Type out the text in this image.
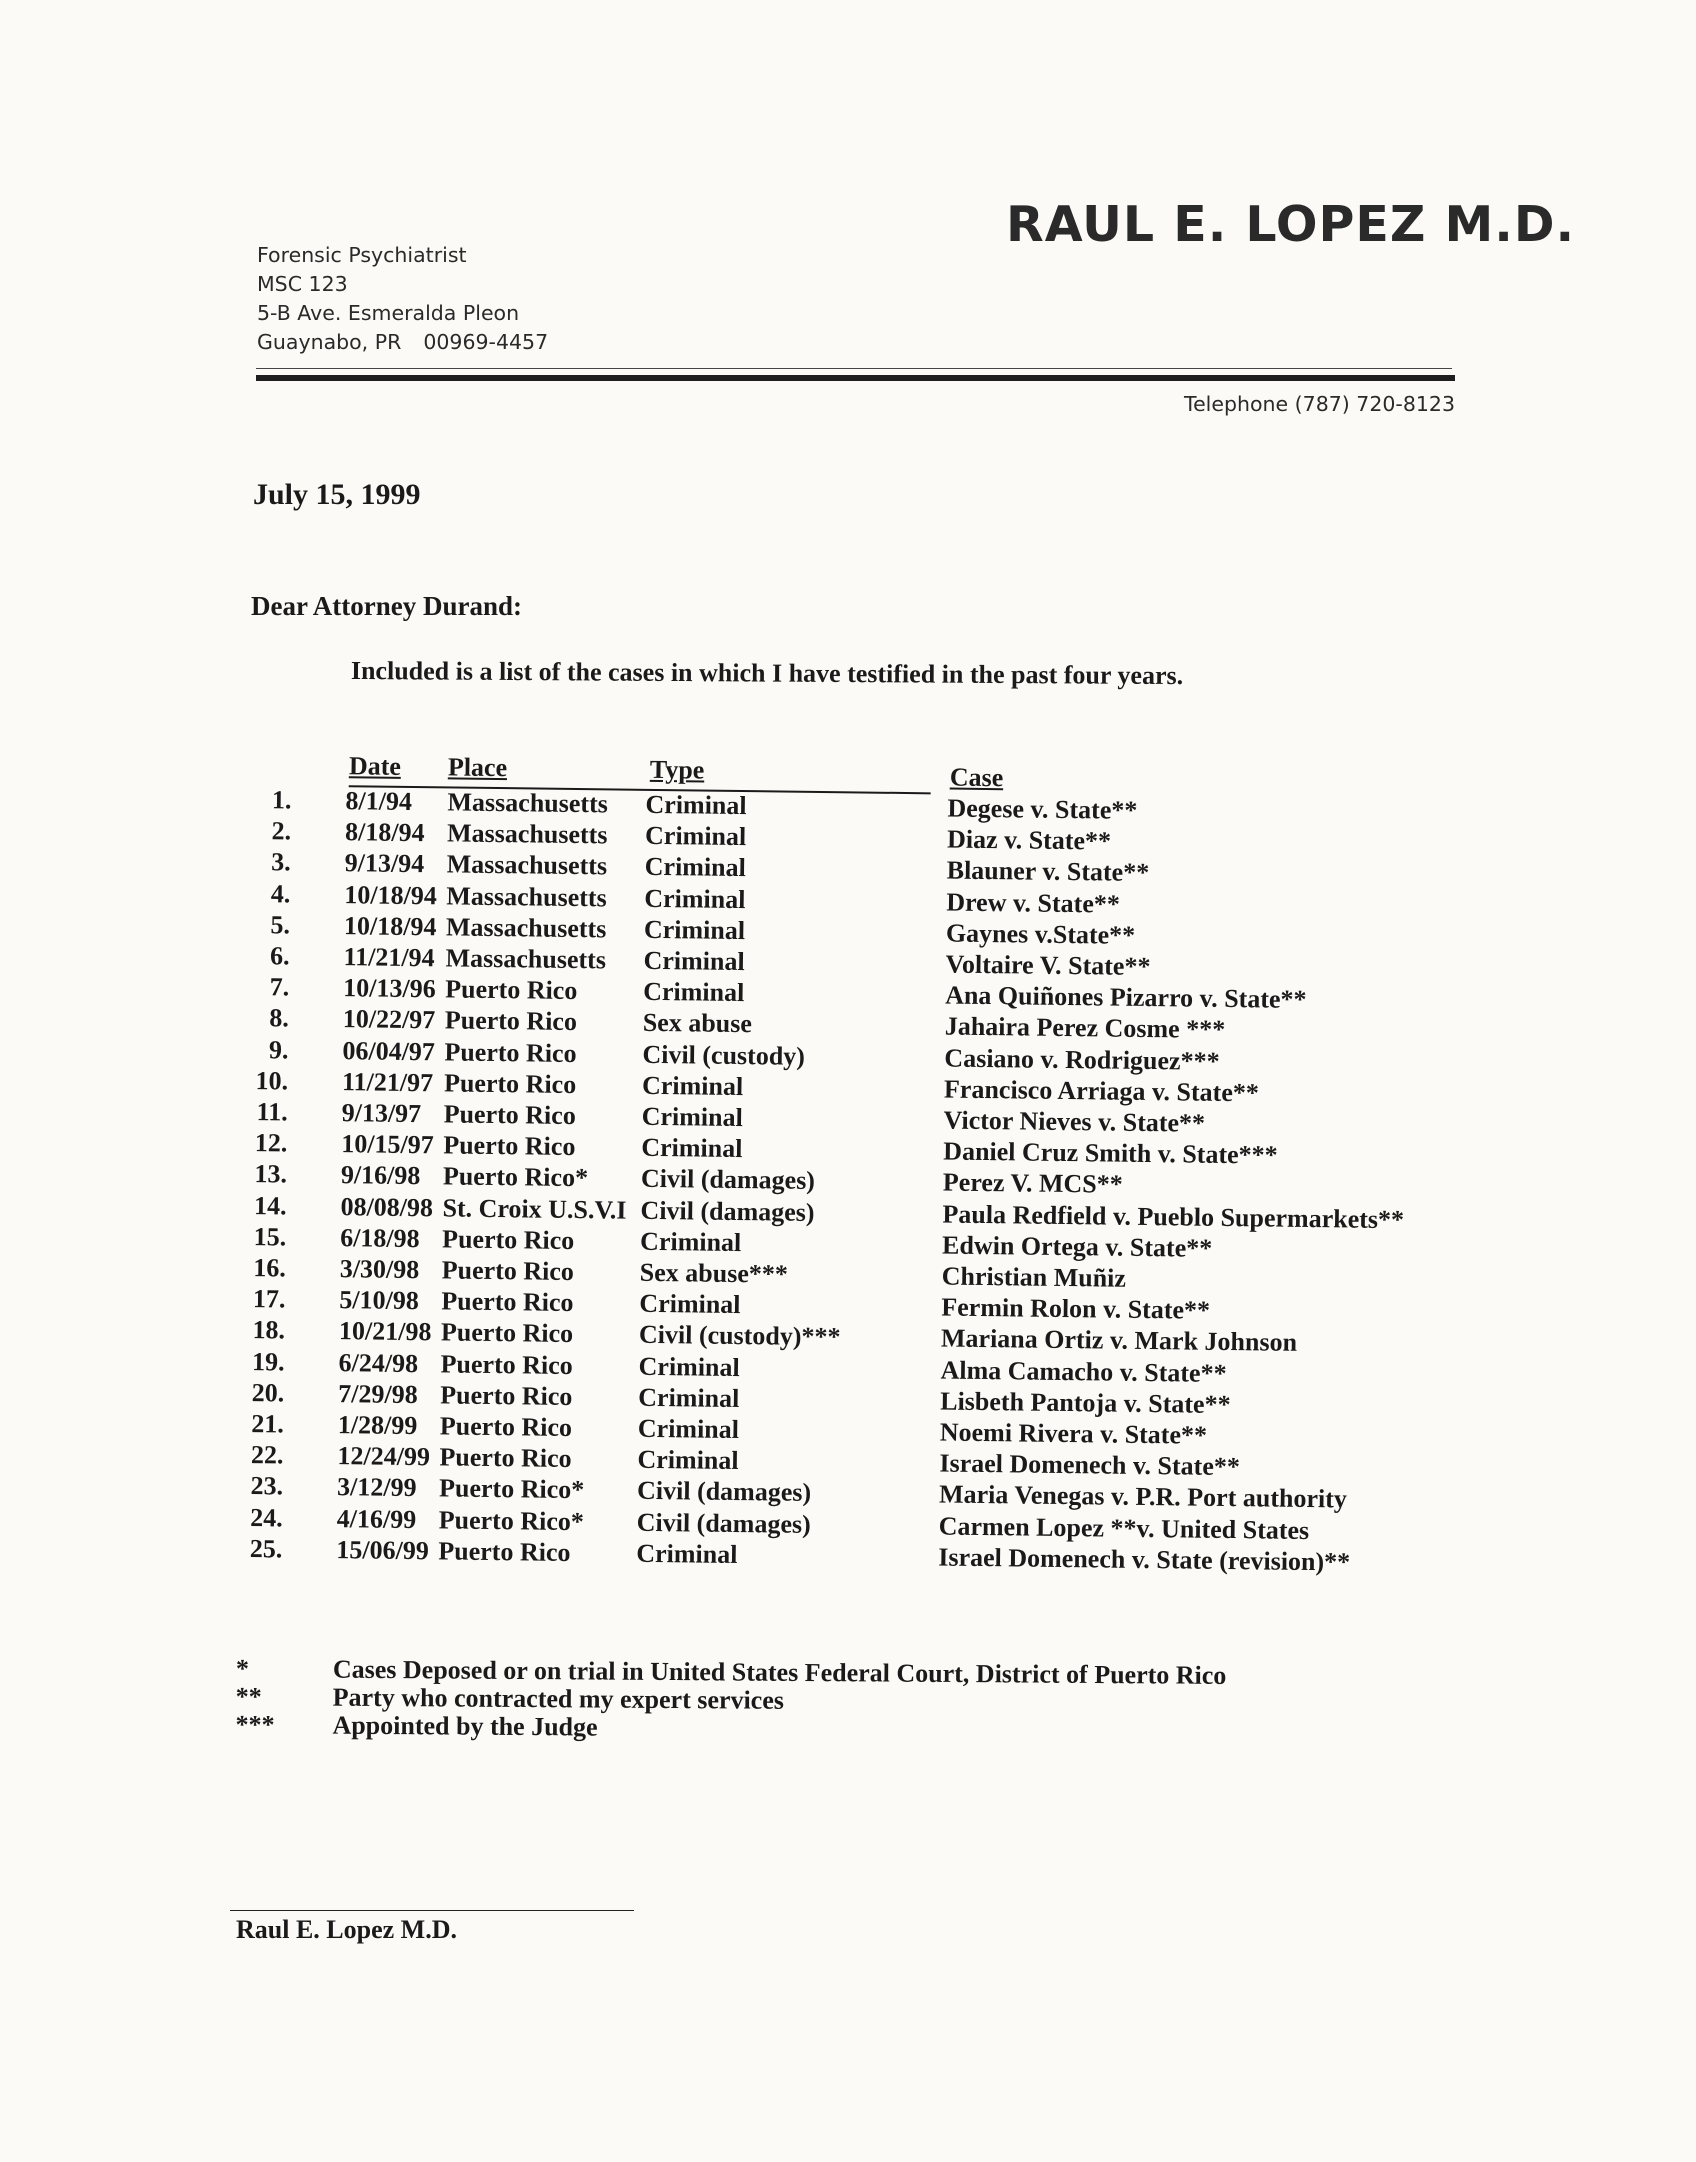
RAUL E. LOPEZ M.D.
Forensic Psychiatrist
MSC 123
5-B Ave. Esmeralda Pleon
Guaynabo, PR 00969-4457
Telephone (787) 720-8123
July 15, 1999
Dear Attorney Durand:
Included is a list of the cases in which I have testified in the past four years.
Date Place	Type	Case
1. 8/1/94 Massachusetts Criminal	Degese v. State**
2. 8/18/94 Massachusetts Criminal	Diaz v. State**
3. 9/13/94 Massachusetts Criminal	Blauner v. State**
4. 10/18/94 Massachusetts Criminal	Drew v. State**
5. 10/18/94 Massachusetts Criminal	Gaynes v.State**
6. 11/21/94 Massachusetts Criminal	Voltaire V. State**
7. 10/13/96 Puerto Rico	Criminal	Ana Quiñones Pizarro v. State**
8. 10/22/97 Puerto Rico	Sex abuse	Jahaira Perez Cosme ***
9. 06/04/97 Puerto Rico	Civil (custody)	Casiano v. Rodriguez***
10. 11/21/97 Puerto Rico	Criminal	Francisco Arriaga v. State**
11. 9/13/97 Puerto Rico	Criminal	Victor Nieves v. State**
12. 10/15/97 Puerto Rico	Criminal	Daniel Cruz Smith v. State***
13. 9/16/98 Puerto Rico* Civil (damages)	Perez V. MCS**
14. 08/08/98 St. Croix U.S.V.I Civil (damages)	Paula Redfield v. Pueblo Supermarkets**
15. 6/18/98 Puerto Rico	Criminal	Edwin Ortega v. State**
16. 3/30/98 Puerto Rico	Sex abuse***	Christian Muñiz
17. 5/10/98 Puerto Rico	Criminal	Fermin Rolon v. State**
18. 10/21/98 Puerto Rico	Civil (custody)***	Mariana Ortiz v. Mark Johnson
19. 6/24/98 Puerto Rico	Criminal	Alma Camacho v. State**
20. 7/29/98 Puerto Rico	Criminal	Lisbeth Pantoja v. State**
21. 1/28/99 Puerto Rico	Criminal	Noemi Rivera v. State**
22. 12/24/99 Puerto Rico	Criminal	Israel Domenech v. State**
23. 3/12/99 Puerto Rico* Civil (damages)	Maria Venegas v. P.R. Port authority
24. 4/16/99 Puerto Rico* Civil (damages)	Carmen Lopez **v. United States
25. 15/06/99 Puerto Rico	Criminal	Israel Domenech v. State (revision)**
*	Cases Deposed or on trial in United States Federal Court, District of Puerto Rico
**	Party who contracted my expert services
***	Appointed by the Judge
Raul E. Lopez M.D.
